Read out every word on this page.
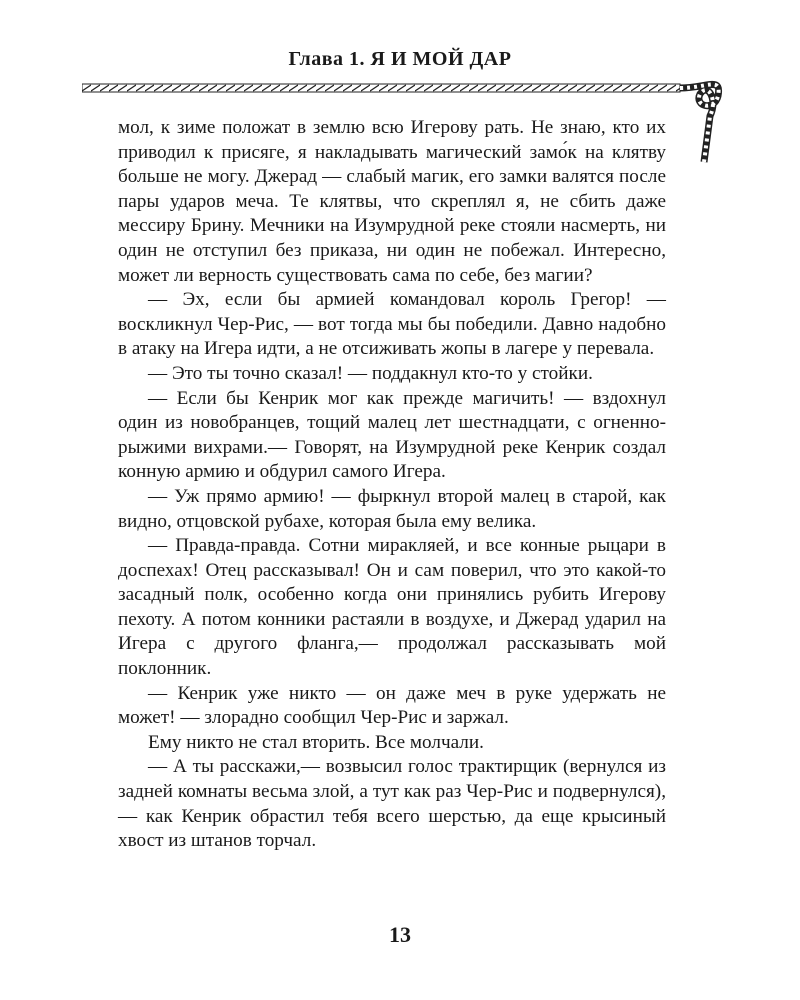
Глава 1. Я И МОЙ ДАР

мол, к зиме положат в землю всю Игерову рать. Не знаю, кто их приводил к присяге, я накладывать магический замо́к на клятву больше не могу. Джерад — слабый магик, его замки валятся после пары ударов меча. Те клятвы, что скреплял я, не сбить даже мессиру Брину. Мечники на Изумрудной реке стояли насмерть, ни один не отступил без приказа, ни один не побежал. Интересно, может ли верность существовать сама по себе, без магии?

— Эх, если бы армией командовал король Грегор! — воскликнул Чер-Рис, — вот тогда мы бы победили. Давно надобно в атаку на Игера идти, а не отсиживать жопы в лагере у перевала.

— Это ты точно сказал! — поддакнул кто-то у стойки.

— Если бы Кенрик мог как прежде магичить! — вздохнул один из новобранцев, тощий малец лет шестнадцати, с огненно-рыжими вихрами.— Говорят, на Изумрудной реке Кенрик создал конную армию и обдурил самого Игера.

— Уж прямо армию! — фыркнул второй малец в старой, как видно, отцовской рубахе, которая была ему велика.

— Правда-правда. Сотни миракляей, и все конные рыцари в доспехах! Отец рассказывал! Он и сам поверил, что это какой-то засадный полк, особенно когда они принялись рубить Игерову пехоту. А потом конники растаяли в воздухе, и Джерад ударил на Игера с другого фланга,— продолжал рассказывать мой поклонник.

— Кенрик уже никто — он даже меч в руке удержать не может! — злорадно сообщил Чер-Рис и заржал.

Ему никто не стал вторить. Все молчали.

— А ты расскажи,— возвысил голос трактирщик (вернулся из задней комнаты весьма злой, а тут как раз Чер-Рис и подвернулся),— как Кенрик обрастил тебя всего шерстью, да еще крысиный хвост из штанов торчал.

13
